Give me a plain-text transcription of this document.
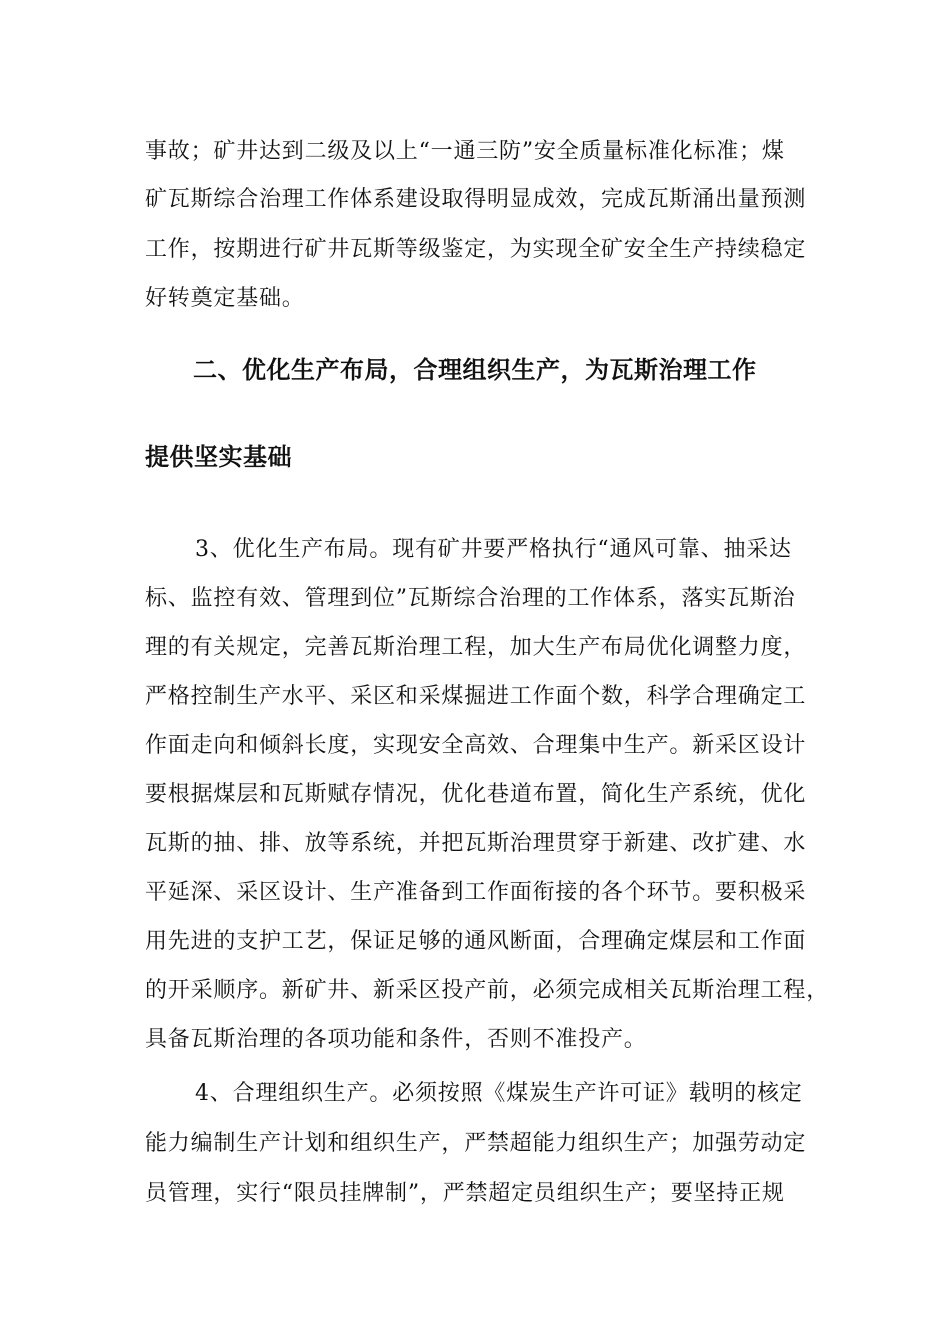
事故；矿井达到二级及以上“一通三防”安全质量标准化标准；煤
矿瓦斯综合治理工作体系建设取得明显成效，完成瓦斯涌出量预测
工作，按期进行矿井瓦斯等级鉴定，为实现全矿安全生产持续稳定
好转奠定基础。
二、优化生产布局，合理组织生产，为瓦斯治理工作
提供坚实基础
3、优化生产布局。现有矿井要严格执行“通风可靠、抽采达
标、监控有效、管理到位”瓦斯综合治理的工作体系，落实瓦斯治
理的有关规定，完善瓦斯治理工程，加大生产布局优化调整力度，
严格控制生产水平、采区和采煤掘进工作面个数，科学合理确定工
作面走向和倾斜长度，实现安全高效、合理集中生产。新采区设计
要根据煤层和瓦斯赋存情况，优化巷道布置，简化生产系统，优化
瓦斯的抽、排、放等系统，并把瓦斯治理贯穿于新建、改扩建、水
平延深、采区设计、生产准备到工作面衔接的各个环节。要积极采
用先进的支护工艺，保证足够的通风断面，合理确定煤层和工作面
的开采顺序。新矿井、新采区投产前，必须完成相关瓦斯治理工程，
具备瓦斯治理的各项功能和条件，否则不准投产。
4、合理组织生产。必须按照《煤炭生产许可证》载明的核定
能力编制生产计划和组织生产，严禁超能力组织生产；加强劳动定
员管理，实行“限员挂牌制”，严禁超定员组织生产；要坚持正规
